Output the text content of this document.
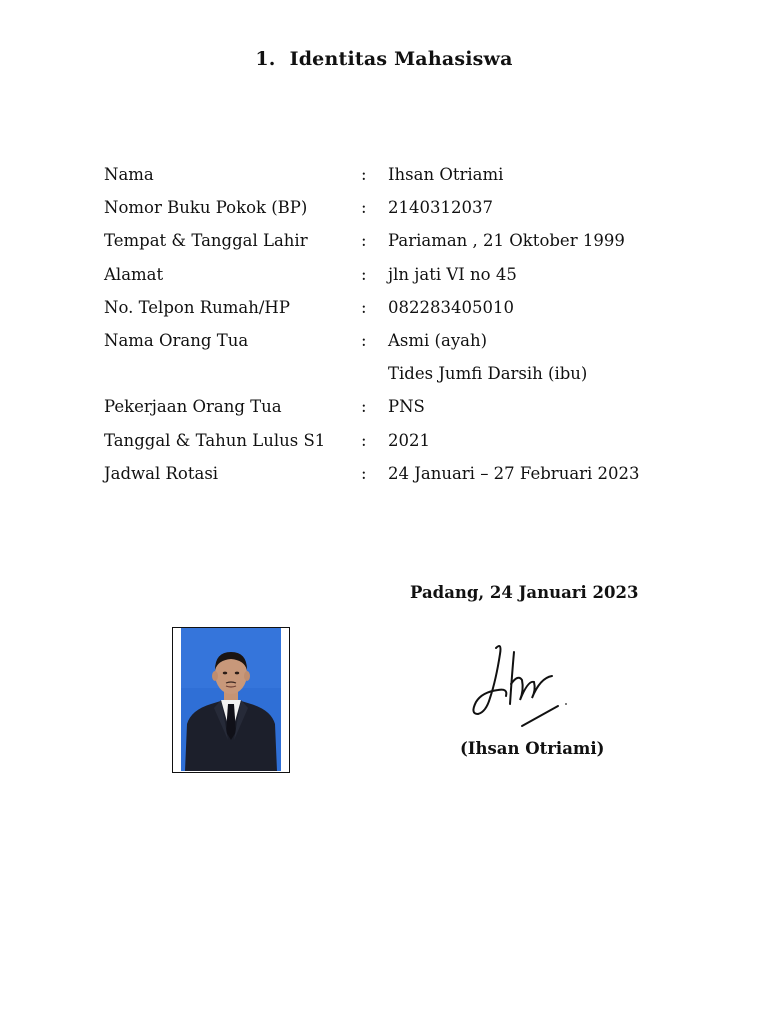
1. Identitas Mahasiswa
Nama	: Ihsan Otriami
Nomor Buku Pokok (BP)	: 2140312037
Tempat & Tanggal Lahir	: Pariaman , 21 Oktober 1999
Alamat	: jln jati VI no 45
No. Telpon Rumah/HP	: 082283405010
Nama Orang Tua	: Asmi (ayah)
Tides Jumfi Darsih (ibu)
Pekerjaan Orang Tua	: PNS
Tanggal & Tahun Lulus S1 : 2021
Jadwal Rotasi	: 24 Januari – 27 Februari 2023
Padang, 24 Januari 2023
(Ihsan Otriami)
